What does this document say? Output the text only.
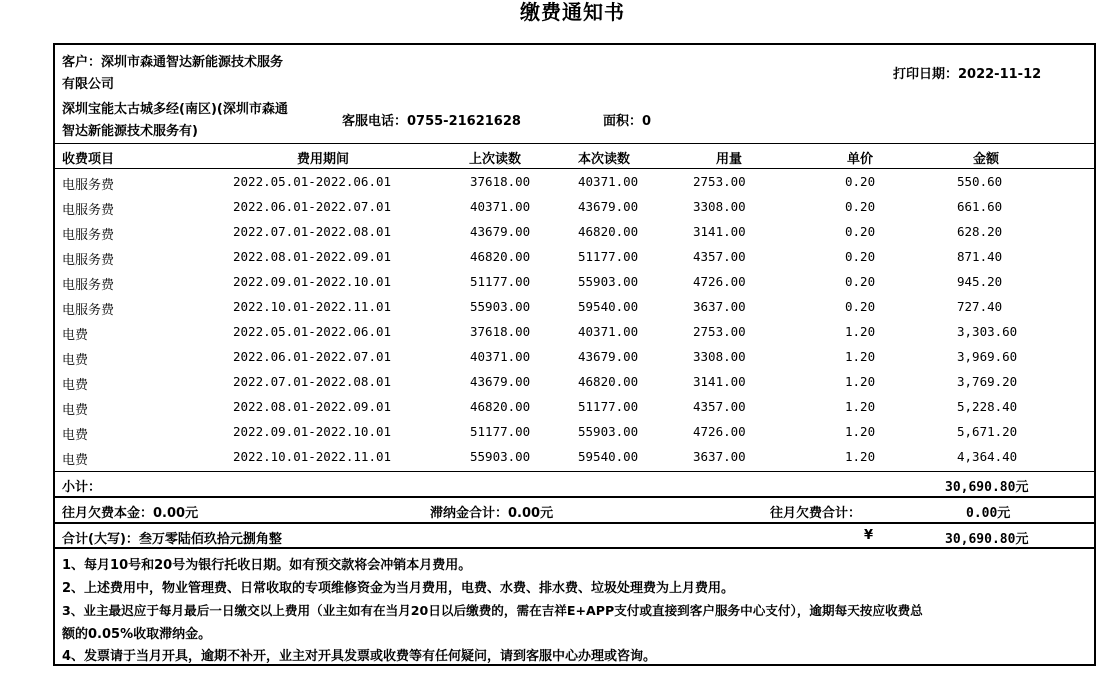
缴费通知书
客户：深圳市森通智达新能源技术服务
有限公司
深圳宝能太古城多经(南区)(深圳市森通
智达新能源技术服务有)
客服电话：0755-21621628	面积：0
打印日期：2022-11-12
收费项目	费用期间	上次读数	本次读数	用量	单价	金额
电服务费	2022.05.01-2022.06.01	37618.00	40371.00	2753.00	0.20	550.60
电服务费	2022.06.01-2022.07.01	40371.00	43679.00	3308.00	0.20	661.60
电服务费	2022.07.01-2022.08.01	43679.00	46820.00	3141.00	0.20	628.20
电服务费	2022.08.01-2022.09.01	46820.00	51177.00	4357.00	0.20	871.40
电服务费	2022.09.01-2022.10.01	51177.00	55903.00	4726.00	0.20	945.20
电服务费	2022.10.01-2022.11.01	55903.00	59540.00	3637.00	0.20	727.40
电费	2022.05.01-2022.06.01	37618.00	40371.00	2753.00	1.20	3,303.60
电费	2022.06.01-2022.07.01	40371.00	43679.00	3308.00	1.20	3,969.60
电费	2022.07.01-2022.08.01	43679.00	46820.00	3141.00	1.20	3,769.20
电费	2022.08.01-2022.09.01	46820.00	51177.00	4357.00	1.20	5,228.40
电费	2022.09.01-2022.10.01	51177.00	55903.00	4726.00	1.20	5,671.20
电费	2022.10.01-2022.11.01	55903.00	59540.00	3637.00	1.20	4,364.40
小计：	30,690.80元
往月欠费本金：0.00元	滞纳金合计：0.00元	往月欠费合计：	0.00元
合计(大写)：叁万零陆佰玖拾元捌角整	¥	30,690.80元
1、每月10号和20号为银行托收日期。如有预交款将会冲销本月费用。
2、上述费用中，物业管理费、日常收取的专项维修资金为当月费用，电费、水费、排水费、垃圾处理费为上月费用。
3、业主最迟应于每月最后一日缴交以上费用（业主如有在当月20日以后缴费的，需在吉祥E+APP支付或直接到客户服务中心支付），逾期每天按应收费总
额的0.05%收取滞纳金。
4、发票请于当月开具，逾期不补开，业主对开具发票或收费等有任何疑问，请到客服中心办理或咨询。
